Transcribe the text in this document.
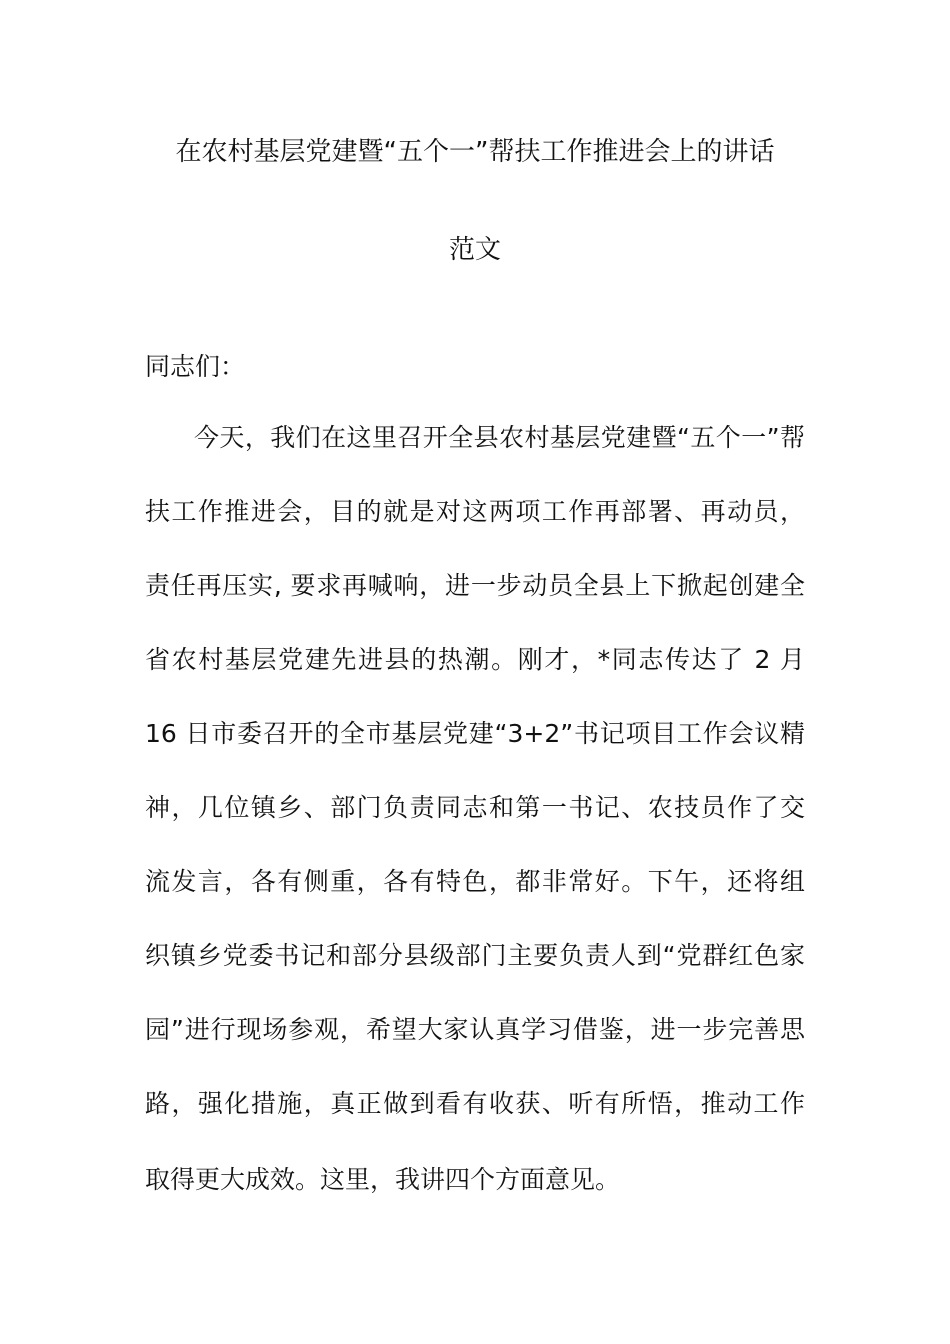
在农村基层党建暨“五个一”帮扶工作推进会上的讲话
范文
同志们：
今天，我们在这里召开全县农村基层党建暨“五个一”帮
扶工作推进会，目的就是对这两项工作再部署、再动员，
责任再压实, 要求再喊响，进一步动员全县上下掀起创建全
省农村基层党建先进县的热潮。刚才，*同志传达了 2 月
16 日市委召开的全市基层党建“3+2”书记项目工作会议精
神，几位镇乡、部门负责同志和第一书记、农技员作了交
流发言，各有侧重，各有特色，都非常好。下午，还将组
织镇乡党委书记和部分县级部门主要负责人到“党群红色家
园”进行现场参观，希望大家认真学习借鉴，进一步完善思
路，强化措施，真正做到看有收获、听有所悟，推动工作
取得更大成效。这里，我讲四个方面意见。
